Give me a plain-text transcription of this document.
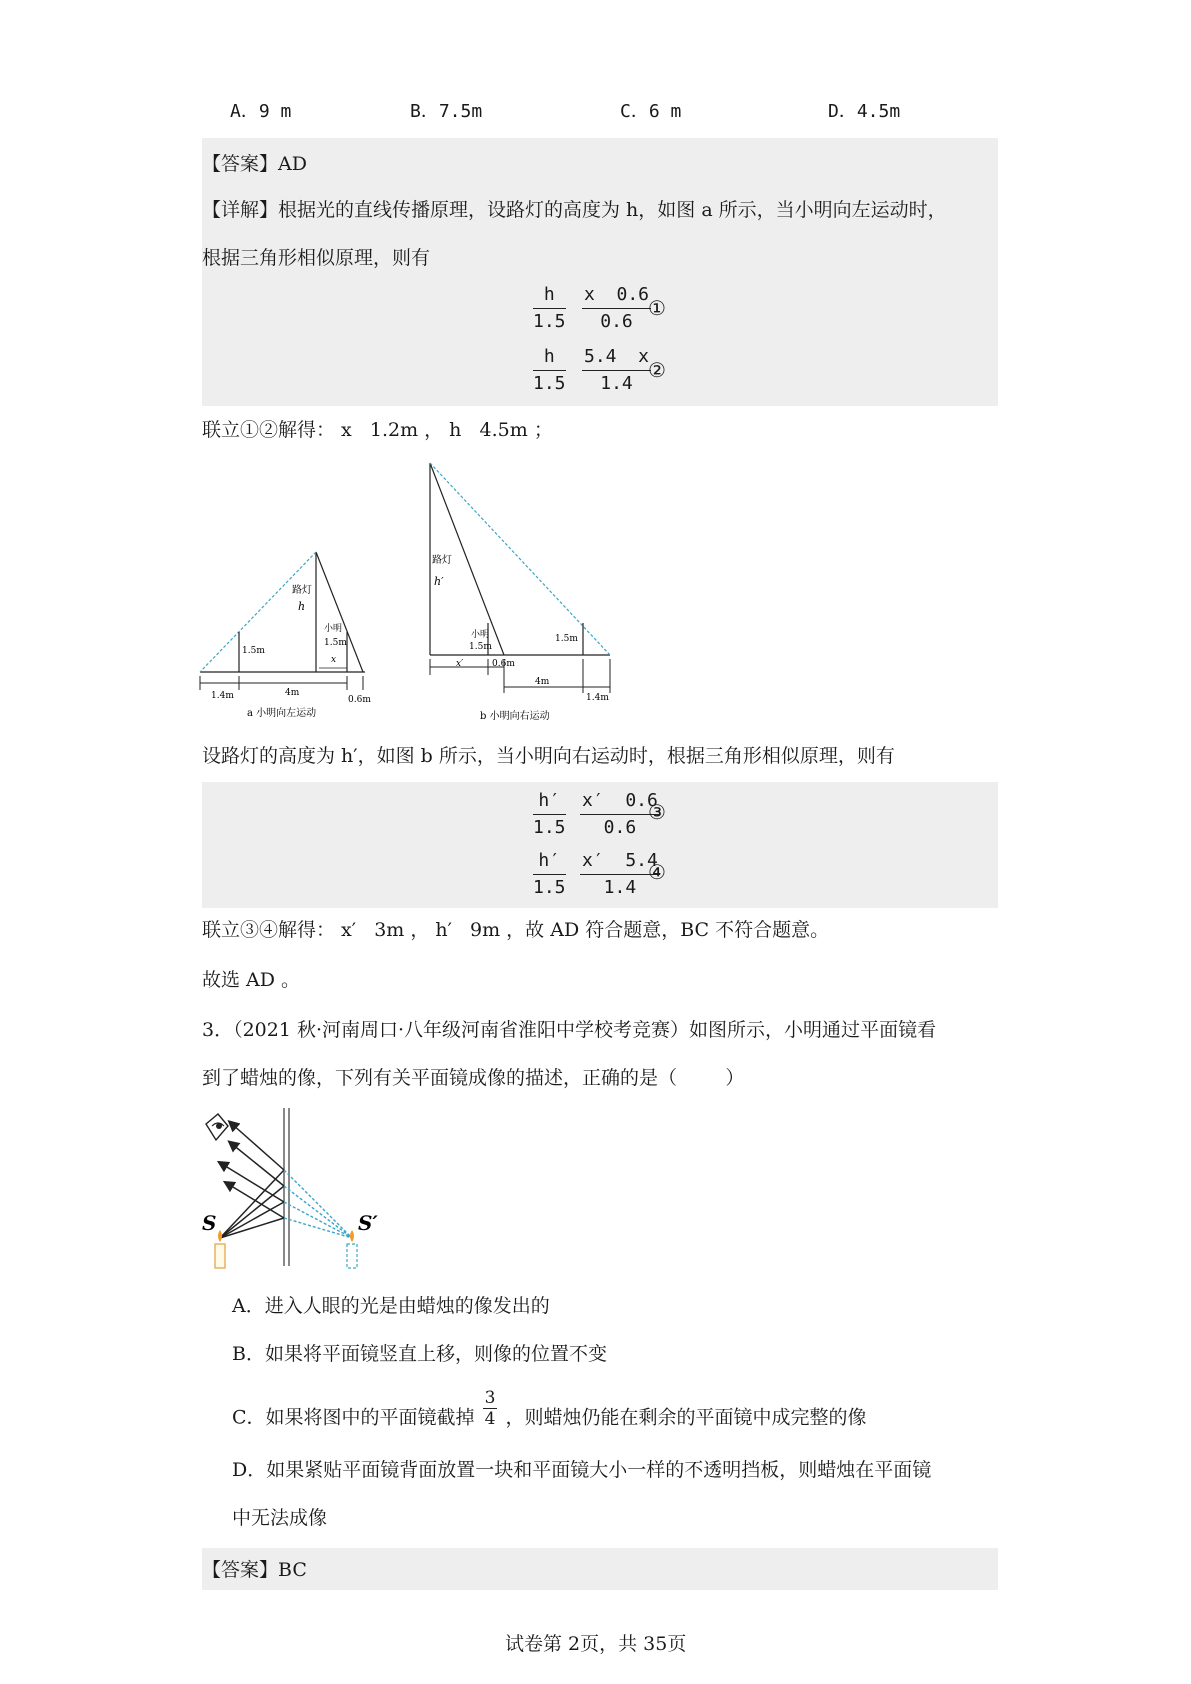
A．9 m	B．7.5m	C．6 m	D．4.5m
【答案】AD
【详解】根据光的直线传播原理，设路灯的高度为 h，如图 a 所示，当小明向左运动时，
根据三角形相似原理，则有
$\frac{h}{1.5} \frac{x 0.6}{0.6}$
①
$\frac{h}{1.5} \frac{5.4 x}{1.4}$
②
联立①②解得： x   1.2m ， h   4.5m ；
路灯
h
小明
1.5m
x
1.5m
1.4m	4m
0.6m
a 小明向左运动
路灯
h′
小明
1.5m
1.5m
x′	0.6m
4m
1.4m
b 小明向右运动
设路灯的高度为 h′，如图 b 所示，当小明向右运动时，根据三角形相似原理，则有
$\frac{h'}{1.5} \frac{x' 0.6}{0.6}$
③
$\frac{h'}{1.5} \frac{x' 5.4}{1.4}$
④
联立③④解得： x′   3m ， h′   9m ，故 AD 符合题意，BC 不符合题意。
故选 AD 。
3．（2021 秋·河南周口·八年级河南省淮阳中学校考竞赛）如图所示，小明通过平面镜看
到了蜡烛的像，下列有关平面镜成像的描述，正确的是（        ）
S	S′
A．进入人眼的光是由蜡烛的像发出的
B．如果将平面镜竖直上移，则像的位置不变
C．如果将图中的平面镜截掉 $\frac{3}{4}$ ，则蜡烛仍能在剩余的平面镜中成完整的像
D．如果紧贴平面镜背面放置一块和平面镜大小一样的不透明挡板，则蜡烛在平面镜
中无法成像
【答案】BC
试卷第 2页，共 35页
